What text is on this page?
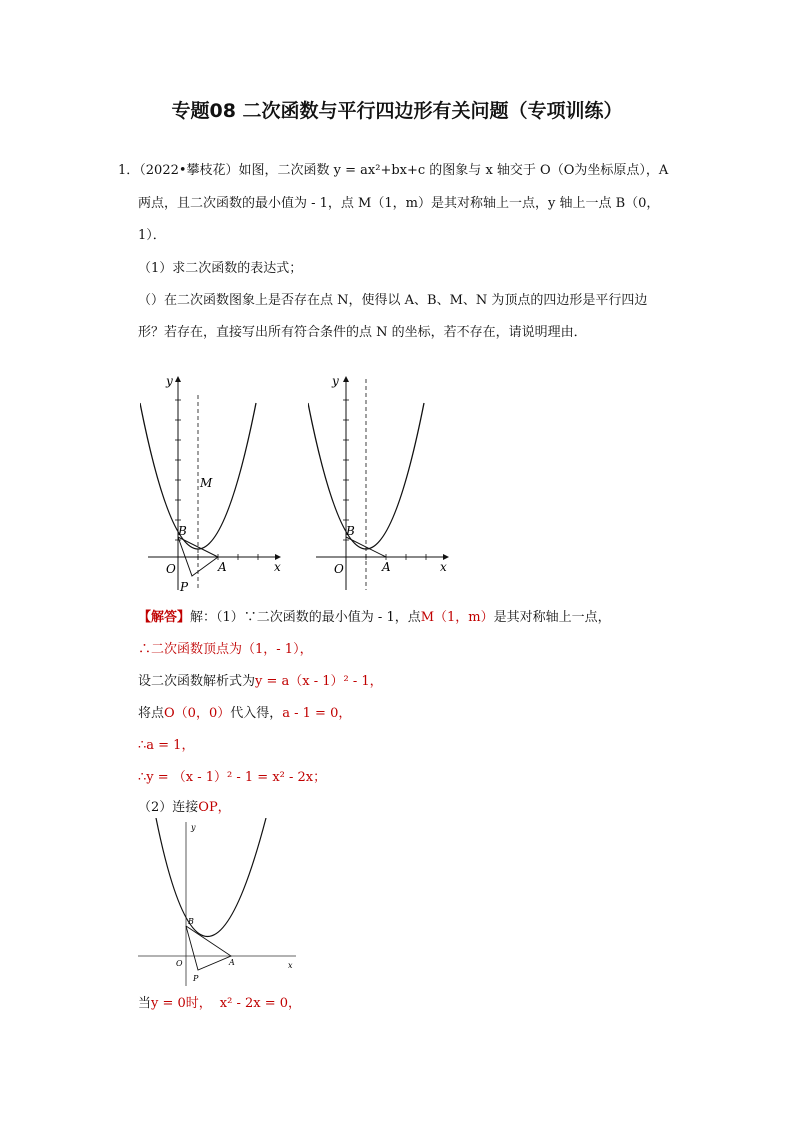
专题08 二次函数与平行四边形有关问题（专项训练）
1．（2022•攀枝花）如图，二次函数 y = ax²+bx+c 的图象与 x 轴交于 O（O为坐标原点），A
两点，且二次函数的最小值为 - 1，点 M（1，m）是其对称轴上一点，y 轴上一点 B（0，
1）．
（1）求二次函数的表达式；
（）在二次函数图象上是否存在点 N，使得以 A、B、M、N 为顶点的四边形是平行四边
形？若存在，直接写出所有符合条件的点 N 的坐标，若不存在，请说明理由．
O	A
B
M
P
y
x	O	A
B
y
x
【解答】解：（1）∵二次函数的最小值为 - 1，点M（1，m）是其对称轴上一点，
∴二次函数顶点为（1，- 1），
设二次函数解析式为y = a（x - 1）² - 1，
将点O（0，0）代入得，a - 1 = 0，
∴a = 1，
∴y = （x - 1）² - 1 = x² - 2x；
（2）连接OP，
O	A
B
P
y
x
当y = 0时， x² - 2x = 0，
